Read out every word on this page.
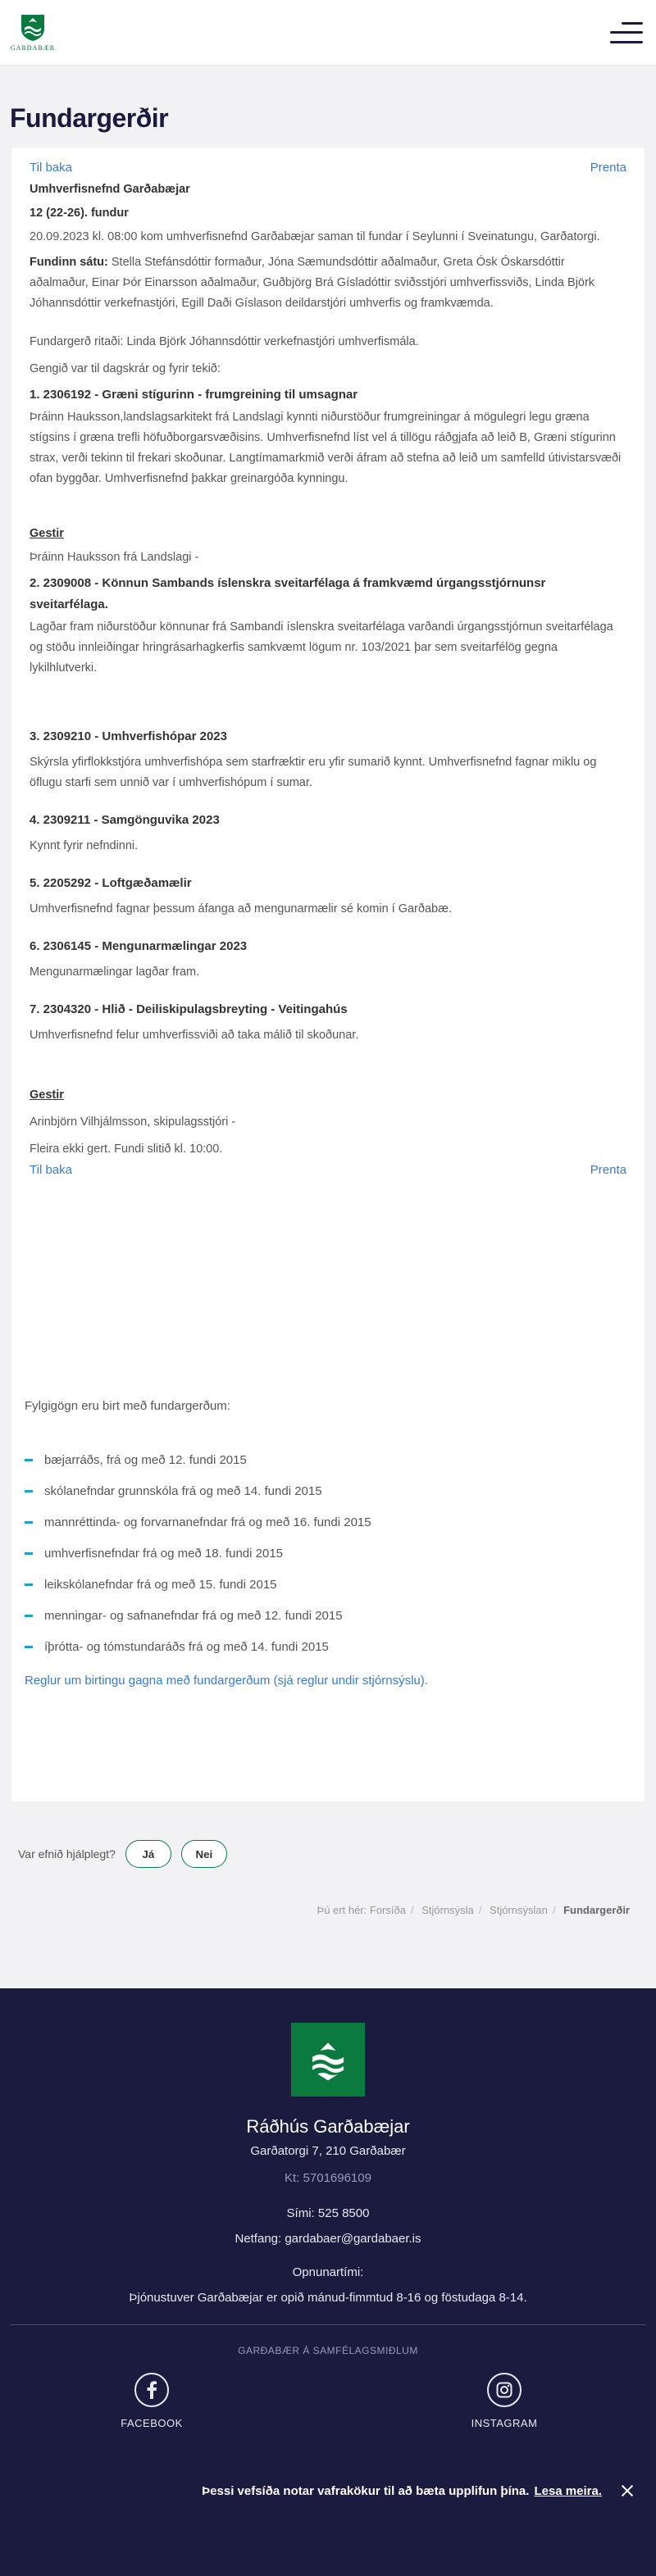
GARÐABÆR
Fundargerðir
Til baka	Prenta

Umhverfisnefnd Garðabæjar

12 (22-26). fundur

20.09.2023 kl. 08:00 kom umhverfisnefnd Garðabæjar saman til fundar í Seylunni í Sveinatungu, Garðatorgi.

Fundinn sátu: Stella Stefánsdóttir formaður, Jóna Sæmundsdóttir aðalmaður, Greta Ósk Óskarsdóttir aðalmaður, Einar Þór Einarsson aðalmaður, Guðbjörg Brá Gísladóttir sviðsstjóri umhverfissviðs, Linda Björk Jóhannsdóttir verkefnastjóri, Egill Daði Gíslason deildarstjóri umhverfis og framkvæmda.

Fundargerð ritaði: Linda Björk Jóhannsdóttir verkefnastjóri umhverfismála.

Gengið var til dagskrár og fyrir tekið:

1. 2306192 - Græni stígurinn - frumgreining til umsagnar

Þráinn Hauksson,landslagsarkitekt frá Landslagi kynnti niðurstöður frumgreiningar á mögulegri legu græna stígsins í græna trefli höfuðborgarsvæðisins. Umhverfisnefnd líst vel á tillögu ráðgjafa að leið B, Græni stígurinn strax, verði tekinn til frekari skoðunar. Langtímamarkmið verði áfram að stefna að leið um samfelld útivistarsvæði ofan byggðar. Umhverfisnefnd þakkar greinargóða kynningu.

Gestir

Þráinn Hauksson frá Landslagi -

2. 2309008 - Könnun Sambands íslenskra sveitarfélaga á framkvæmd úrgangsstjórnunsr sveitarfélaga.

Lagðar fram niðurstöður könnunar frá Sambandi íslenskra sveitarfélaga varðandi úrgangsstjórnun sveitarfélaga og stöðu innleiðingar hringrásarhagkerfis samkvæmt lögum nr. 103/2021 þar sem sveitarfélög gegna lykilhlutverki.

3. 2309210 - Umhverfishópar 2023

Skýrsla yfirflokkstjóra umhverfishópa sem starfræktir eru yfir sumarið kynnt. Umhverfisnefnd fagnar miklu og öflugu starfi sem unnið var í umhverfishópum í sumar.

4. 2309211 - Samgönguvika 2023

Kynnt fyrir nefndinni.

5. 2205292 - Loftgæðamælir

Umhverfisnefnd fagnar þessum áfanga að mengunarmælir sé komin í Garðabæ.

6. 2306145 - Mengunarmælingar 2023

Mengunarmælingar lagðar fram.

7. 2304320 - Hlið - Deiliskipulagsbreyting - Veitingahús

Umhverfisnefnd felur umhverfissviði að taka málið til skoðunar.

Gestir

Arinbjörn Vilhjálmsson, skipulagsstjóri -

Fleira ekki gert. Fundi slitið kl. 10:00.

Til baka	Prenta

Fylgigögn eru birt með fundargerðum:

bæjarráðs, frá og með 12. fundi 2015
skólanefndar grunnskóla frá og með 14. fundi 2015
mannréttinda- og forvarnanefndar frá og með 16. fundi 2015
umhverfisnefndar frá og með 18. fundi 2015
leikskólanefndar frá og með 15. fundi 2015
menningar- og safnanefndar frá og með 12. fundi 2015
íþrótta- og tómstundaráðs frá og með 14. fundi 2015
Reglur um birtingu gagna með fundargerðum (sjá reglur undir stjórnsýslu).
Var efnið hjálplegt?	Já	Nei
Þú ert hér: Forsíða / Stjórnsýsla / Stjórnsýslan / Fundargerðir

Ráðhús Garðabæjar

Garðatorgi 7, 210 Garðabær

Kt: 5701696109

Sími: 525 8500

Netfang: gardabaer@gardabaer.is

Opnunartími:

Þjónustuver Garðabæjar er opið mánud-fimmtud 8-16 og föstudaga 8-14.

GARÐABÆR Á SAMFÉLAGSMIÐLUM

FACEBOOK	INSTAGRAM
Þessi vefsíða notar vafrakökur til að bæta upplifun þína. Lesa meira.
